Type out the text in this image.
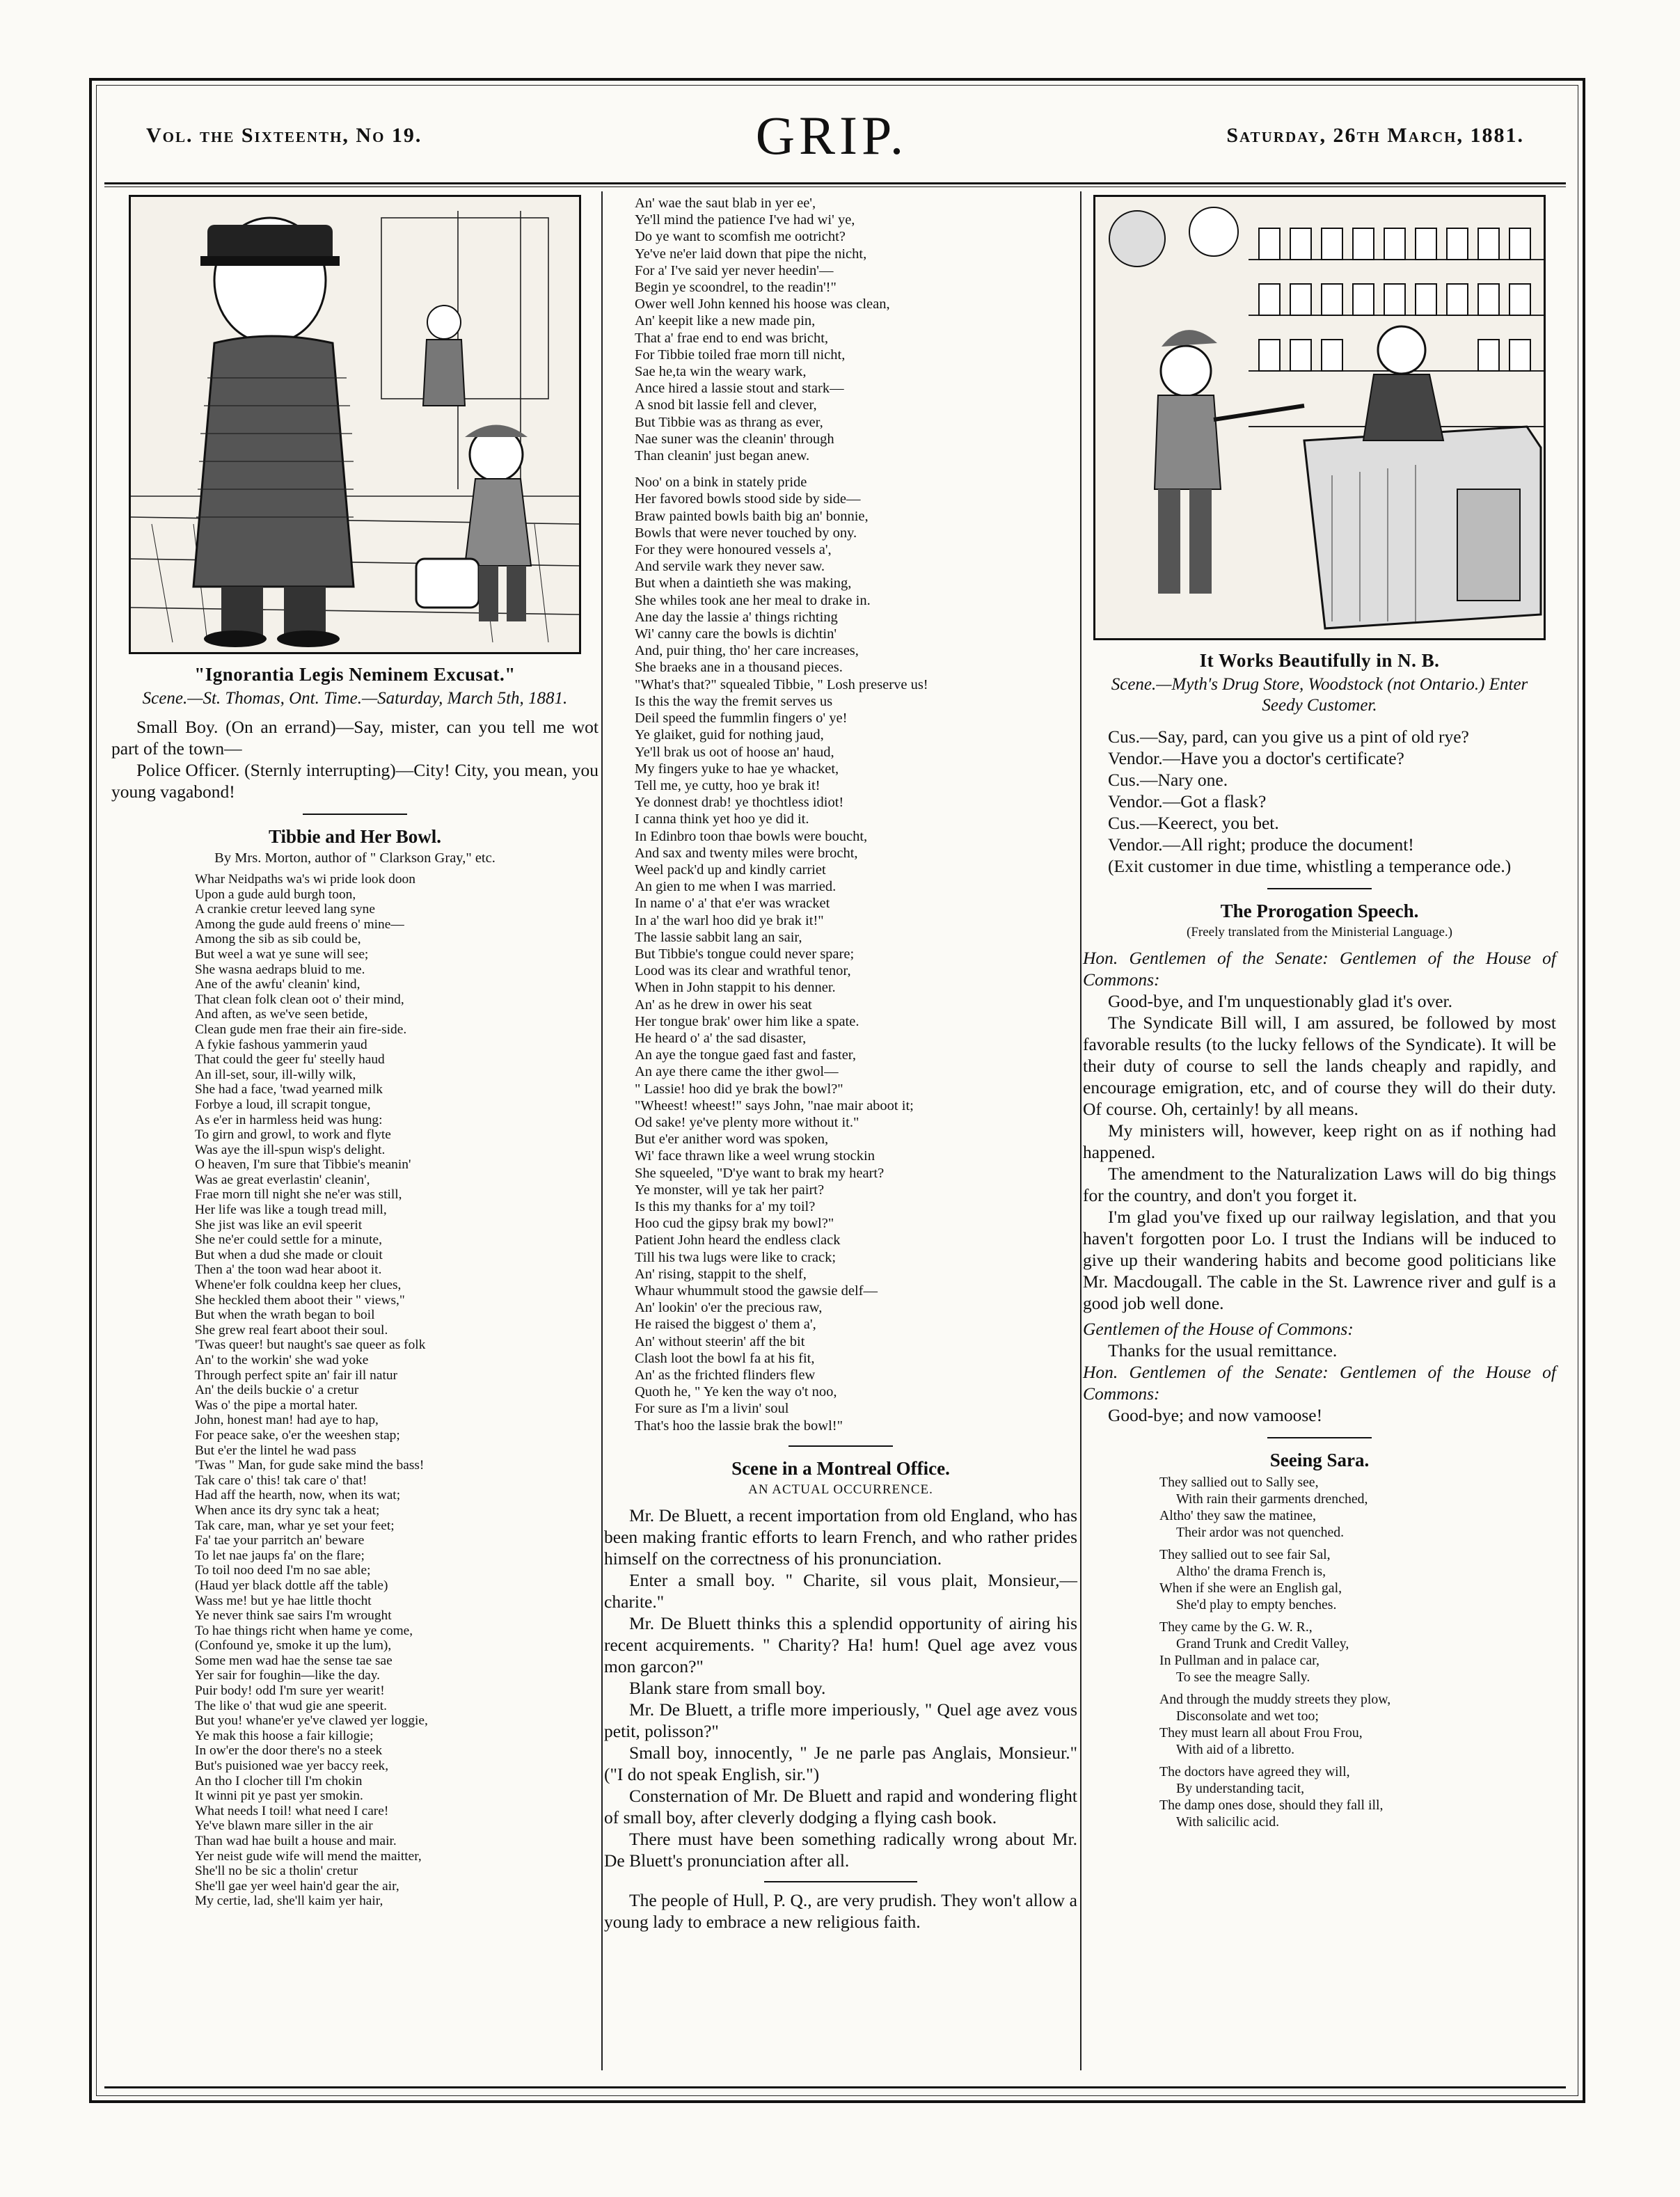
Vol. the Sixteenth, No 19.	GRIP.	Saturday, 26th March, 1881.
"Ignorantia Legis Neminem Excusat."
Scene.—St. Thomas, Ont. Time.—Saturday, March 5th, 1881.

Small Boy. (On an errand)—Say, mister, can you tell me wot part of the town—

Police Officer. (Sternly interrupting)—City! City, you mean, you young vagabond!

Tibbie and Her Bowl.
By Mrs. Morton, author of " Clarkson Gray," etc.
Whar Neidpaths wa's wi pride look doon
Upon a gude auld burgh toon,
A crankie cretur leeved lang syne
Among the gude auld freens o' mine—
Among the sib as sib could be,
But weel a wat ye sune will see;
She wasna aedraps bluid to me.
Ane of the awfu' cleanin' kind,
That clean folk clean oot o' their mind,
And aften, as we've seen betide,
Clean gude men frae their ain fire-side.
A fykie fashous yammerin yaud
That could the geer fu' steelly haud
An ill-set, sour, ill-willy wilk,
She had a face, 'twad yearned milk
Forbye a loud, ill scrapit tongue,
As e'er in harmless heid was hung:
To girn and growl, to work and flyte
Was aye the ill-spun wisp's delight.
O heaven, I'm sure that Tibbie's meanin'
Was ae great everlastin' cleanin',
Frae morn till night she ne'er was still,
Her life was like a tough tread mill,
She jist was like an evil speerit
She ne'er could settle for a minute,
But when a dud she made or clouit
Then a' the toon wad hear aboot it.
Whene'er folk couldna keep her clues,
She heckled them aboot their " views,"
But when the wrath began to boil
She grew real feart aboot their soul.
'Twas queer! but naught's sae queer as folk
An' to the workin' she wad yoke
Through perfect spite an' fair ill natur
An' the deils buckie o' a cretur
Was o' the pipe a mortal hater.
John, honest man! had aye to hap,
For peace sake, o'er the weeshen stap;
But e'er the lintel he wad pass
'Twas " Man, for gude sake mind the bass!
Tak care o' this! tak care o' that!
Had aff the hearth, now, when its wat;
When ance its dry sync tak a heat;
Tak care, man, whar ye set your feet;
Fa' tae your parritch an' beware
To let nae jaups fa' on the flare;
To toil noo deed I'm no sae able;
(Haud yer black dottle aff the table)
Wass me! but ye hae little thocht
Ye never think sae sairs I'm wrought
To hae things richt when hame ye come,
(Confound ye, smoke it up the lum),
Some men wad hae the sense tae sae
Yer sair for foughin—like the day.
Puir body! odd I'm sure yer wearit!
The like o' that wud gie ane speerit.
But you! whane'er ye've clawed yer loggie,
Ye mak this hoose a fair killogie;
In ow'er the door there's no a steek
But's puisioned wae yer baccy reek,
An tho I clocher till I'm chokin
It winni pit ye past yer smokin.
What needs I toil! what need I care!
Ye've blawn mare siller in the air
Than wad hae built a house and mair.
Yer neist gude wife will mend the maitter,
She'll no be sic a tholin' cretur
She'll gae yer weel hain'd gear the air,
My certie, lad, she'll kaim yer hair,
An' wae the saut blab in yer ee',
Ye'll mind the patience I've had wi' ye,
Do ye want to scomfish me ootricht?
Ye've ne'er laid down that pipe the nicht,
For a' I've said yer never heedin'—
Begin ye scoondrel, to the readin'!"
Ower well John kenned his hoose was clean,
An' keepit like a new made pin,
That a' frae end to end was bricht,
For Tibbie toiled frae morn till nicht,
Sae he,ta win the weary wark,
Ance hired a lassie stout and stark—
A snod bit lassie fell and clever,
But Tibbie was as thrang as ever,
Nae suner was the cleanin' through
Than cleanin' just began anew.
Noo' on a bink in stately pride
Her favored bowls stood side by side—
Braw painted bowls baith big an' bonnie,
Bowls that were never touched by ony.
For they were honoured vessels a',
And servile wark they never saw.
But when a daintieth she was making,
She whiles took ane her meal to drake in.
Ane day the lassie a' things richting
Wi' canny care the bowls is dichtin'
And, puir thing, tho' her care increases,
She braeks ane in a thousand pieces.
"What's that?" squealed Tibbie, " Losh preserve us!
Is this the way the fremit serves us
Deil speed the fummlin fingers o' ye!
Ye glaiket, guid for nothing jaud,
Ye'll brak us oot of hoose an' haud,
My fingers yuke to hae ye whacket,
Tell me, ye cutty, hoo ye brak it!
Ye donnest drab! ye thochtless idiot!
I canna think yet hoo ye did it.
In Edinbro toon thae bowls were boucht,
And sax and twenty miles were brocht,
Weel pack'd up and kindly carriet
An gien to me when I was married.
In name o' a' that e'er was wracket
In a' the warl hoo did ye brak it!"
The lassie sabbit lang an sair,
But Tibbie's tongue could never spare;
Lood was its clear and wrathful tenor,
When in John stappit to his denner.
An' as he drew in ower his seat
Her tongue brak' ower him like a spate.
He heard o' a' the sad disaster,
An aye the tongue gaed fast and faster,
An aye there came the ither gwol—
" Lassie! hoo did ye brak the bowl?"
"Wheest! wheest!" says John, "nae mair aboot it;
Od sake! ye've plenty more without it."
But e'er anither word was spoken,
Wi' face thrawn like a weel wrung stockin
She squeeled, "D'ye want to brak my heart?
Ye monster, will ye tak her pairt?
Is this my thanks for a' my toil?
Hoo cud the gipsy brak my bowl?"
Patient John heard the endless clack
Till his twa lugs were like to crack;
An' rising, stappit to the shelf,
Whaur whummult stood the gawsie delf—
An' lookin' o'er the precious raw,
He raised the biggest o' them a',
An' without steerin' aff the bit
Clash loot the bowl fa at his fit,
An' as the frichted flinders flew
Quoth he, " Ye ken the way o't noo,
For sure as I'm a livin' soul
That's hoo the lassie brak the bowl!"
Scene in a Montreal Office.
AN ACTUAL OCCURRENCE.

Mr. De Bluett, a recent importation from old England, who has been making frantic efforts to learn French, and who rather prides himself on the correctness of his pronunciation.

Enter a small boy. " Charite, sil vous plait, Monsieur,—charite."

Mr. De Bluett thinks this a splendid opportunity of airing his recent acquirements. " Charity? Ha! hum! Quel age avez vous mon garcon?"

Blank stare from small boy.

Mr. De Bluett, a trifle more imperiously, " Quel age avez vous petit, polisson?"

Small boy, innocently, " Je ne parle pas Anglais, Monsieur." ("I do not speak English, sir.")

Consternation of Mr. De Bluett and rapid and wondering flight of small boy, after cleverly dodging a flying cash book.

There must have been something radically wrong about Mr. De Bluett's pronunciation after all.

The people of Hull, P. Q., are very prudish. They won't allow a young lady to embrace a new religious faith.

It Works Beautifully in N. B.
Scene.—Myth's Drug Store, Woodstock (not Ontario.) Enter Seedy Customer.

Cus.—Say, pard, can you give us a pint of old rye?

Vendor.—Have you a doctor's certificate?

Cus.—Nary one.

Vendor.—Got a flask?

Cus.—Keerect, you bet.

Vendor.—All right; produce the document!

(Exit customer in due time, whistling a temperance ode.)

The Prorogation Speech.
(Freely translated from the Ministerial Language.)

Hon. Gentlemen of the Senate: Gentlemen of the House of Commons:

Good-bye, and I'm unquestionably glad it's over.

The Syndicate Bill will, I am assured, be followed by most favorable results (to the lucky fellows of the Syndicate). It will be their duty of course to sell the lands cheaply and rapidly, and encourage emigration, etc, and of course they will do their duty. Of course. Oh, certainly! by all means.

My ministers will, however, keep right on as if nothing had happened.

The amendment to the Naturalization Laws will do big things for the country, and don't you forget it.

I'm glad you've fixed up our railway legislation, and that you haven't forgotten poor Lo. I trust the Indians will be induced to give up their wandering habits and become good politicians like Mr. Macdougall. The cable in the St. Lawrence river and gulf is a good job well done.

Gentlemen of the House of Commons:

Thanks for the usual remittance.

Hon. Gentlemen of the Senate: Gentlemen of the House of Commons:

Good-bye; and now vamoose!

Seeing Sara.
They sallied out to Sally see,
With rain their garments drenched,
Altho' they saw the matinee,
Their ardor was not quenched.
They sallied out to see fair Sal,
Altho' the drama French is,
When if she were an English gal,
She'd play to empty benches.
They came by the G. W. R.,
Grand Trunk and Credit Valley,
In Pullman and in palace car,
To see the meagre Sally.
And through the muddy streets they plow,
Disconsolate and wet too;
They must learn all about Frou Frou,
With aid of a libretto.
The doctors have agreed they will,
By understanding tacit,
The damp ones dose, should they fall ill,
With salicilic acid.
